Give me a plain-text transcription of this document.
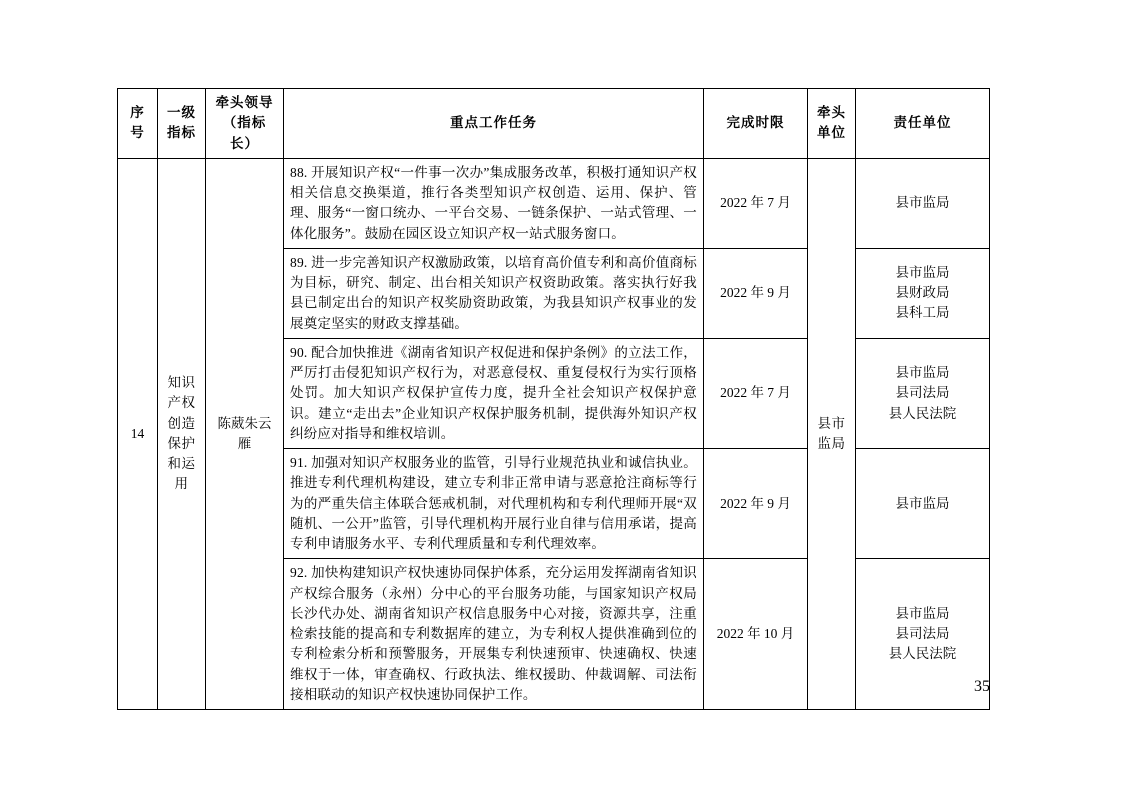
序号	一级指标	牵头领导（指标长）	重点工作任务	完成时限	牵头单位	责任单位
14	知识产权创造保护和运用	陈葳朱云雁	88. 开展知识产权“一件事一次办”集成服务改革，积极打通知识产权相关信息交换渠道，推行各类型知识产权创造、运用、保护、管理、服务“一窗口统办、一平台交易、一链条保护、一站式管理、一体化服务”。鼓励在园区设立知识产权一站式服务窗口。	2022 年 7 月	县市监局	县市监局

			89. 进一步完善知识产权激励政策，以培育高价值专利和高价值商标为目标，研究、制定、出台相关知识产权资助政策。落实执行好我县已制定出台的知识产权奖励资助政策，为我县知识产权事业的发展奠定坚实的财政支撑基础。	2022 年 9 月		县市监局
县财政局
县科工局

			90. 配合加快推进《湖南省知识产权促进和保护条例》的立法工作，严厉打击侵犯知识产权行为，对恶意侵权、重复侵权行为实行顶格处罚。加大知识产权保护宣传力度，提升全社会知识产权保护意识。建立“走出去”企业知识产权保护服务机制，提供海外知识产权纠纷应对指导和维权培训。	2022 年 7 月		县市监局
县司法局
县人民法院

			91. 加强对知识产权服务业的监管，引导行业规范执业和诚信执业。推进专利代理机构建设，建立专利非正常申请与恶意抢注商标等行为的严重失信主体联合惩戒机制，对代理机构和专利代理师开展“双随机、一公开”监管，引导代理机构开展行业自律与信用承诺，提高专利申请服务水平、专利代理质量和专利代理效率。	2022 年 9 月		县市监局

			92. 加快构建知识产权快速协同保护体系，充分运用发挥湖南省知识产权综合服务（永州）分中心的平台服务功能，与国家知识产权局长沙代办处、湖南省知识产权信息服务中心对接，资源共享，注重检索技能的提高和专利数据库的建立，为专利权人提供准确到位的专利检索分析和预警服务，开展集专利快速预审、快速确权、快速维权于一体，审查确权、行政执法、维权援助、仲裁调解、司法衔接相联动的知识产权快速协同保护工作。	2022 年 10 月		县市监局
县司法局
县人民法院
35
